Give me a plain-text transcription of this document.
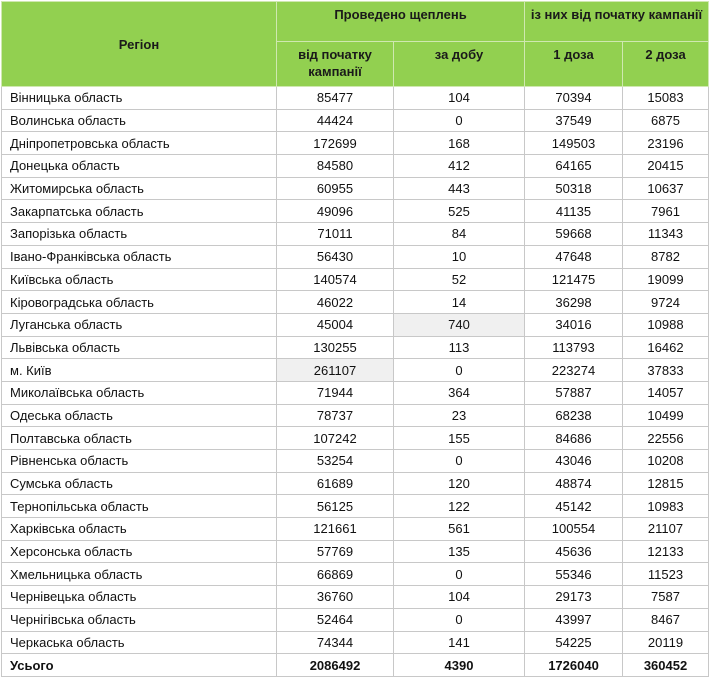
Регіон	Проведено щеплень		із них від початку кампанії	
	від початку кампанії	за добу	1 доза	2 доза
Вінницька область	85477	104	70394	15083
Волинська область	44424	0	37549	6875
Дніпропетровська область	172699	168	149503	23196
Донецька область	84580	412	64165	20415
Житомирська область	60955	443	50318	10637
Закарпатська область	49096	525	41135	7961
Запорізька область	71011	84	59668	11343
Івано-Франківська область	56430	10	47648	8782
Київська область	140574	52	121475	19099
Кіровоградська область	46022	14	36298	9724
Луганська область	45004	740	34016	10988
Львівська область	130255	113	113793	16462
м. Київ	261107	0	223274	37833
Миколаївська область	71944	364	57887	14057
Одеська область	78737	23	68238	10499
Полтавська область	107242	155	84686	22556
Рівненська область	53254	0	43046	10208
Сумська область	61689	120	48874	12815
Тернопільська область	56125	122	45142	10983
Харківська область	121661	561	100554	21107
Херсонська область	57769	135	45636	12133
Хмельницька область	66869	0	55346	11523
Чернівецька область	36760	104	29173	7587
Чернігівська область	52464	0	43997	8467
Черкаська область	74344	141	54225	20119
Усього	2086492	4390	1726040	360452
